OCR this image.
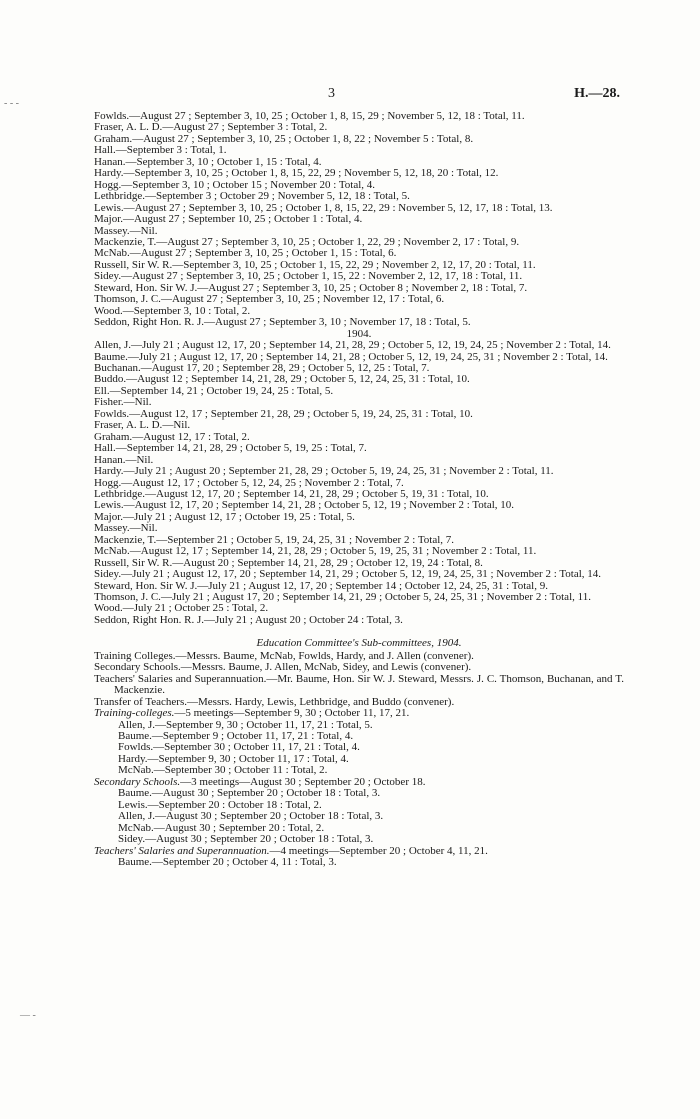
- - -
— -
3	H.—28.

Fowlds.—August 27 ; September 3, 10, 25 ; October 1, 8, 15, 29 ; November 5, 12, 18 : Total, 11.

Fraser, A. L. D.—August 27 ; September 3 : Total, 2.

Graham.—August 27 ; September 3, 10, 25 ; October 1, 8, 22 ; November 5 : Total, 8.

Hall.—September 3 : Total, 1.

Hanan.—September 3, 10 ; October 1, 15 : Total, 4.

Hardy.—September 3, 10, 25 ; October 1, 8, 15, 22, 29 ; November 5, 12, 18, 20 : Total, 12.

Hogg.—September 3, 10 ; October 15 ; November 20 : Total, 4.

Lethbridge.—September 3 ; October 29 ; November 5, 12, 18 : Total, 5.

Lewis.—August 27 ; September 3, 10, 25 ; October 1, 8, 15, 22, 29 : November 5, 12, 17, 18 : Total, 13.

Major.—August 27 ; September 10, 25 ; October 1 : Total, 4.

Massey.—Nil.

Mackenzie, T.—August 27 ; September 3, 10, 25 ; October 1, 22, 29 ; November 2, 17 : Total, 9.

McNab.—August 27 ; September 3, 10, 25 ; October 1, 15 : Total, 6.

Russell, Sir W. R.—September 3, 10, 25 ; October 1, 15, 22, 29 ; November 2, 12, 17, 20 : Total, 11.

Sidey.—August 27 ; September 3, 10, 25 ; October 1, 15, 22 : November 2, 12, 17, 18 : Total, 11.

Steward, Hon. Sir W. J.—August 27 ; September 3, 10, 25 ; October 8 ; November 2, 18 : Total, 7.

Thomson, J. C.—August 27 ; September 3, 10, 25 ; November 12, 17 : Total, 6.

Wood.—September 3, 10 : Total, 2.

Seddon, Right Hon. R. J.—August 27 ; September 3, 10 ; November 17, 18 : Total, 5.

1904.

Allen, J.—July 21 ; August 12, 17, 20 ; September 14, 21, 28, 29 ; October 5, 12, 19, 24, 25 ; November 2 : Total, 14.

Baume.—July 21 ; August 12, 17, 20 ; September 14, 21, 28 ; October 5, 12, 19, 24, 25, 31 ; November 2 : Total, 14.

Buchanan.—August 17, 20 ; September 28, 29 ; October 5, 12, 25 : Total, 7.

Buddo.—August 12 ; September 14, 21, 28, 29 ; October 5, 12, 24, 25, 31 : Total, 10.

Ell.—September 14, 21 ; October 19, 24, 25 : Total, 5.

Fisher.—Nil.

Fowlds.—August 12, 17 ; September 21, 28, 29 ; October 5, 19, 24, 25, 31 : Total, 10.

Fraser, A. L. D.—Nil.

Graham.—August 12, 17 : Total, 2.

Hall.—September 14, 21, 28, 29 ; October 5, 19, 25 : Total, 7.

Hanan.—Nil.

Hardy.—July 21 ; August 20 ; September 21, 28, 29 ; October 5, 19, 24, 25, 31 ; November 2 : Total, 11.

Hogg.—August 12, 17 ; October 5, 12, 24, 25 ; November 2 : Total, 7.

Lethbridge.—August 12, 17, 20 ; September 14, 21, 28, 29 ; October 5, 19, 31 : Total, 10.

Lewis.—August 12, 17, 20 ; September 14, 21, 28 ; October 5, 12, 19 ; November 2 : Total, 10.

Major.—July 21 ; August 12, 17 ; October 19, 25 : Total, 5.

Massey.—Nil.

Mackenzie, T.—September 21 ; October 5, 19, 24, 25, 31 ; November 2 : Total, 7.

McNab.—August 12, 17 ; September 14, 21, 28, 29 ; October 5, 19, 25, 31 ; November 2 : Total, 11.

Russell, Sir W. R.—August 20 ; September 14, 21, 28, 29 ; October 12, 19, 24 : Total, 8.

Sidey.—July 21 ; August 12, 17, 20 ; September 14, 21, 29 ; October 5, 12, 19, 24, 25, 31 ; November 2 : Total, 14.

Steward, Hon. Sir W. J.—July 21 ; August 12, 17, 20 ; September 14 ; October 12, 24, 25, 31 : Total, 9.

Thomson, J. C.—July 21 ; August 17, 20 ; September 14, 21, 29 ; October 5, 24, 25, 31 ; November 2 : Total, 11.

Wood.—July 21 ; October 25 : Total, 2.

Seddon, Right Hon. R. J.—July 21 ; August 20 ; October 24 : Total, 3.

Education Committee's Sub-committees, 1904.

Training Colleges.—Messrs. Baume, McNab, Fowlds, Hardy, and J. Allen (convener).

Secondary Schools.—Messrs. Baume, J. Allen, McNab, Sidey, and Lewis (convener).

Teachers' Salaries and Superannuation.—Mr. Baume, Hon. Sir W. J. Steward, Messrs. J. C. Thomson, Buchanan, and T. Mackenzie.

Transfer of Teachers.—Messrs. Hardy, Lewis, Lethbridge, and Buddo (convener).

Training-colleges.—5 meetings—September 9, 30 ; October 11, 17, 21.

Allen, J.—September 9, 30 ; October 11, 17, 21 : Total, 5.

Baume.—September 9 ; October 11, 17, 21 : Total, 4.

Fowlds.—September 30 ; October 11, 17, 21 : Total, 4.

Hardy.—September 9, 30 ; October 11, 17 : Total, 4.

McNab.—September 30 ; October 11 : Total, 2.

Secondary Schools.—3 meetings—August 30 ; September 20 ; October 18.

Baume.—August 30 ; September 20 ; October 18 : Total, 3.

Lewis.—September 20 : October 18 : Total, 2.

Allen, J.—August 30 ; September 20 ; October 18 : Total, 3.

McNab.—August 30 ; September 20 : Total, 2.

Sidey.—August 30 ; September 20 ; October 18 : Total, 3.

Teachers' Salaries and Superannuation.—4 meetings—September 20 ; October 4, 11, 21.

Baume.—September 20 ; October 4, 11 : Total, 3.
